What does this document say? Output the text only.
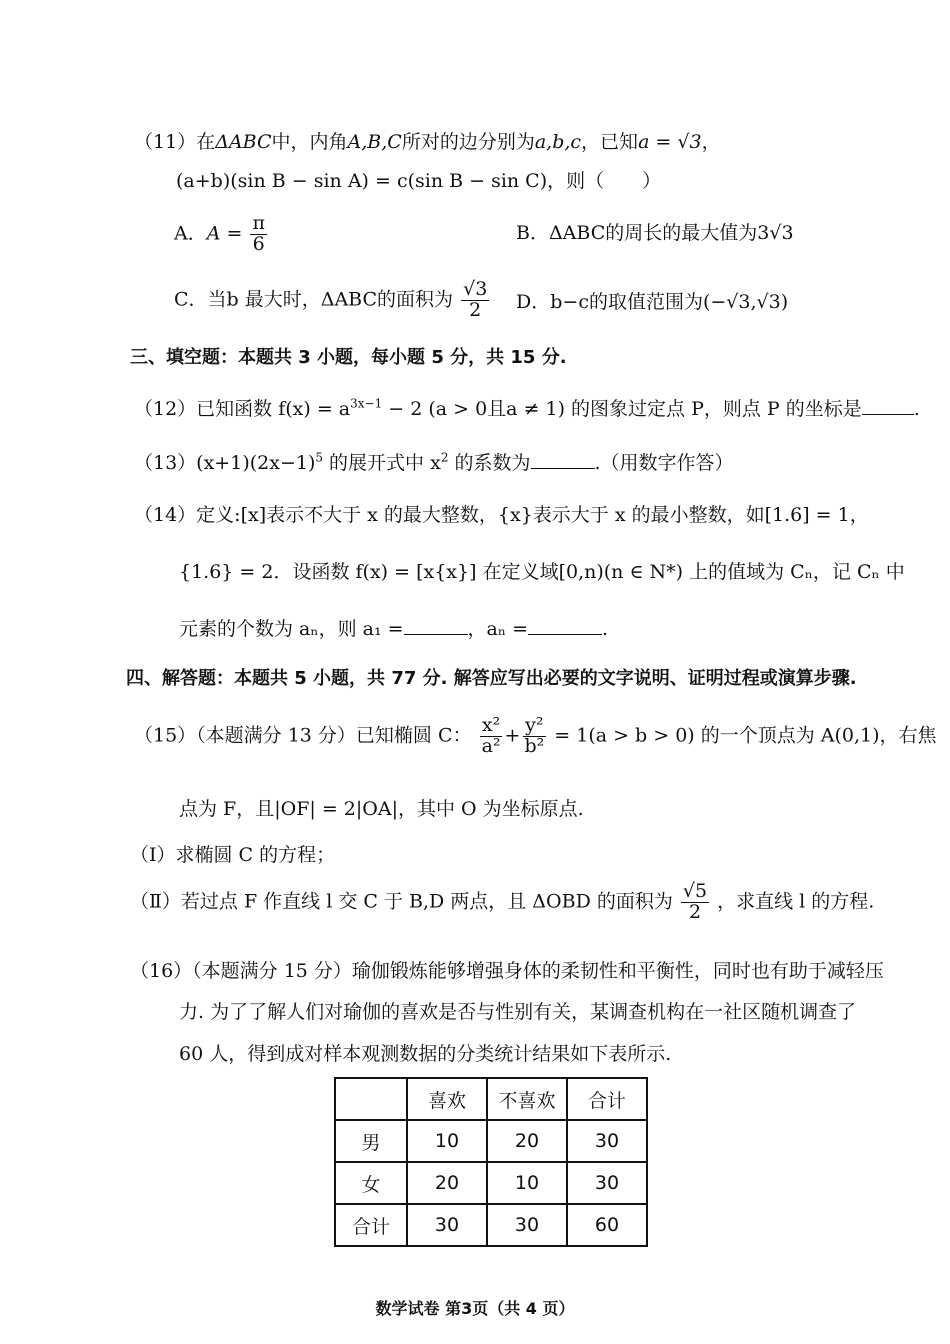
（11）在ΔABC中，内角A,B,C所对的边分别为a,b,c，已知a = √3，
(a+b)(sin B − sin A) = c(sin B − sin C)，则（　　）
A．$A = \frac{\pi}{6}$	B．ΔABC的周长的最大值为3√3
C．当b 最大时，ΔABC的面积为 $\frac{√3}{2}$ D．b−c的取值范围为(−√3,√3)
三、填空题：本题共 3 小题，每小题 5 分，共 15 分.
（12）已知函数 $f(x) = a^{3x-1} - 2$ (a > 0且a ≠ 1) 的图象过定点 P，则点 P 的坐标是	.
$(13)(x+1)(2x-1)^5$ 的展开式中 $x^2$ 的系数为	.（用数字作答）
（14）定义:[x]表示不大于 x 的最大整数，{x}表示大于 x 的最小整数，如[1.6] = 1，
{1.6} = 2．设函数 f(x) = [x{x}] 在定义域[0,n)(n ∈ N*) 上的值域为 Cₙ，记 Cₙ 中
元素的个数为 aₙ，则 a₁ =	，aₙ =	.
四、解答题：本题共 5 小题，共 77 分. 解答应写出必要的文字说明、证明过程或演算步骤.
（15）（本题满分 13 分）已知椭圆 C： $\frac{\text{x²}}{\text{a²}} + \frac{\text{y²}}{\text{b²}} = 1(a > b > 0)$ 的一个顶点为 A(0,1)，右焦
点为 F，且|OF| = 2|OA|，其中 O 为坐标原点.
（Ⅰ）求椭圆 C 的方程；
（Ⅱ）若过点 F 作直线 l 交 C 于 B,D 两点，且 ΔOBD 的面积为 $\frac{√5}{2}$ ，求直线 l 的方程.
（16）（本题满分 15 分）瑜伽锻炼能够增强身体的柔韧性和平衡性，同时也有助于减轻压
力. 为了了解人们对瑜伽的喜欢是否与性别有关，某调查机构在一社区随机调查了
60 人，得到成对样本观测数据的分类统计结果如下表所示.
	喜欢	不喜欢	合计
男	10	20	30
女	20	10	30
合计	30	30	60
数学试卷 第3页（共 4 页）
